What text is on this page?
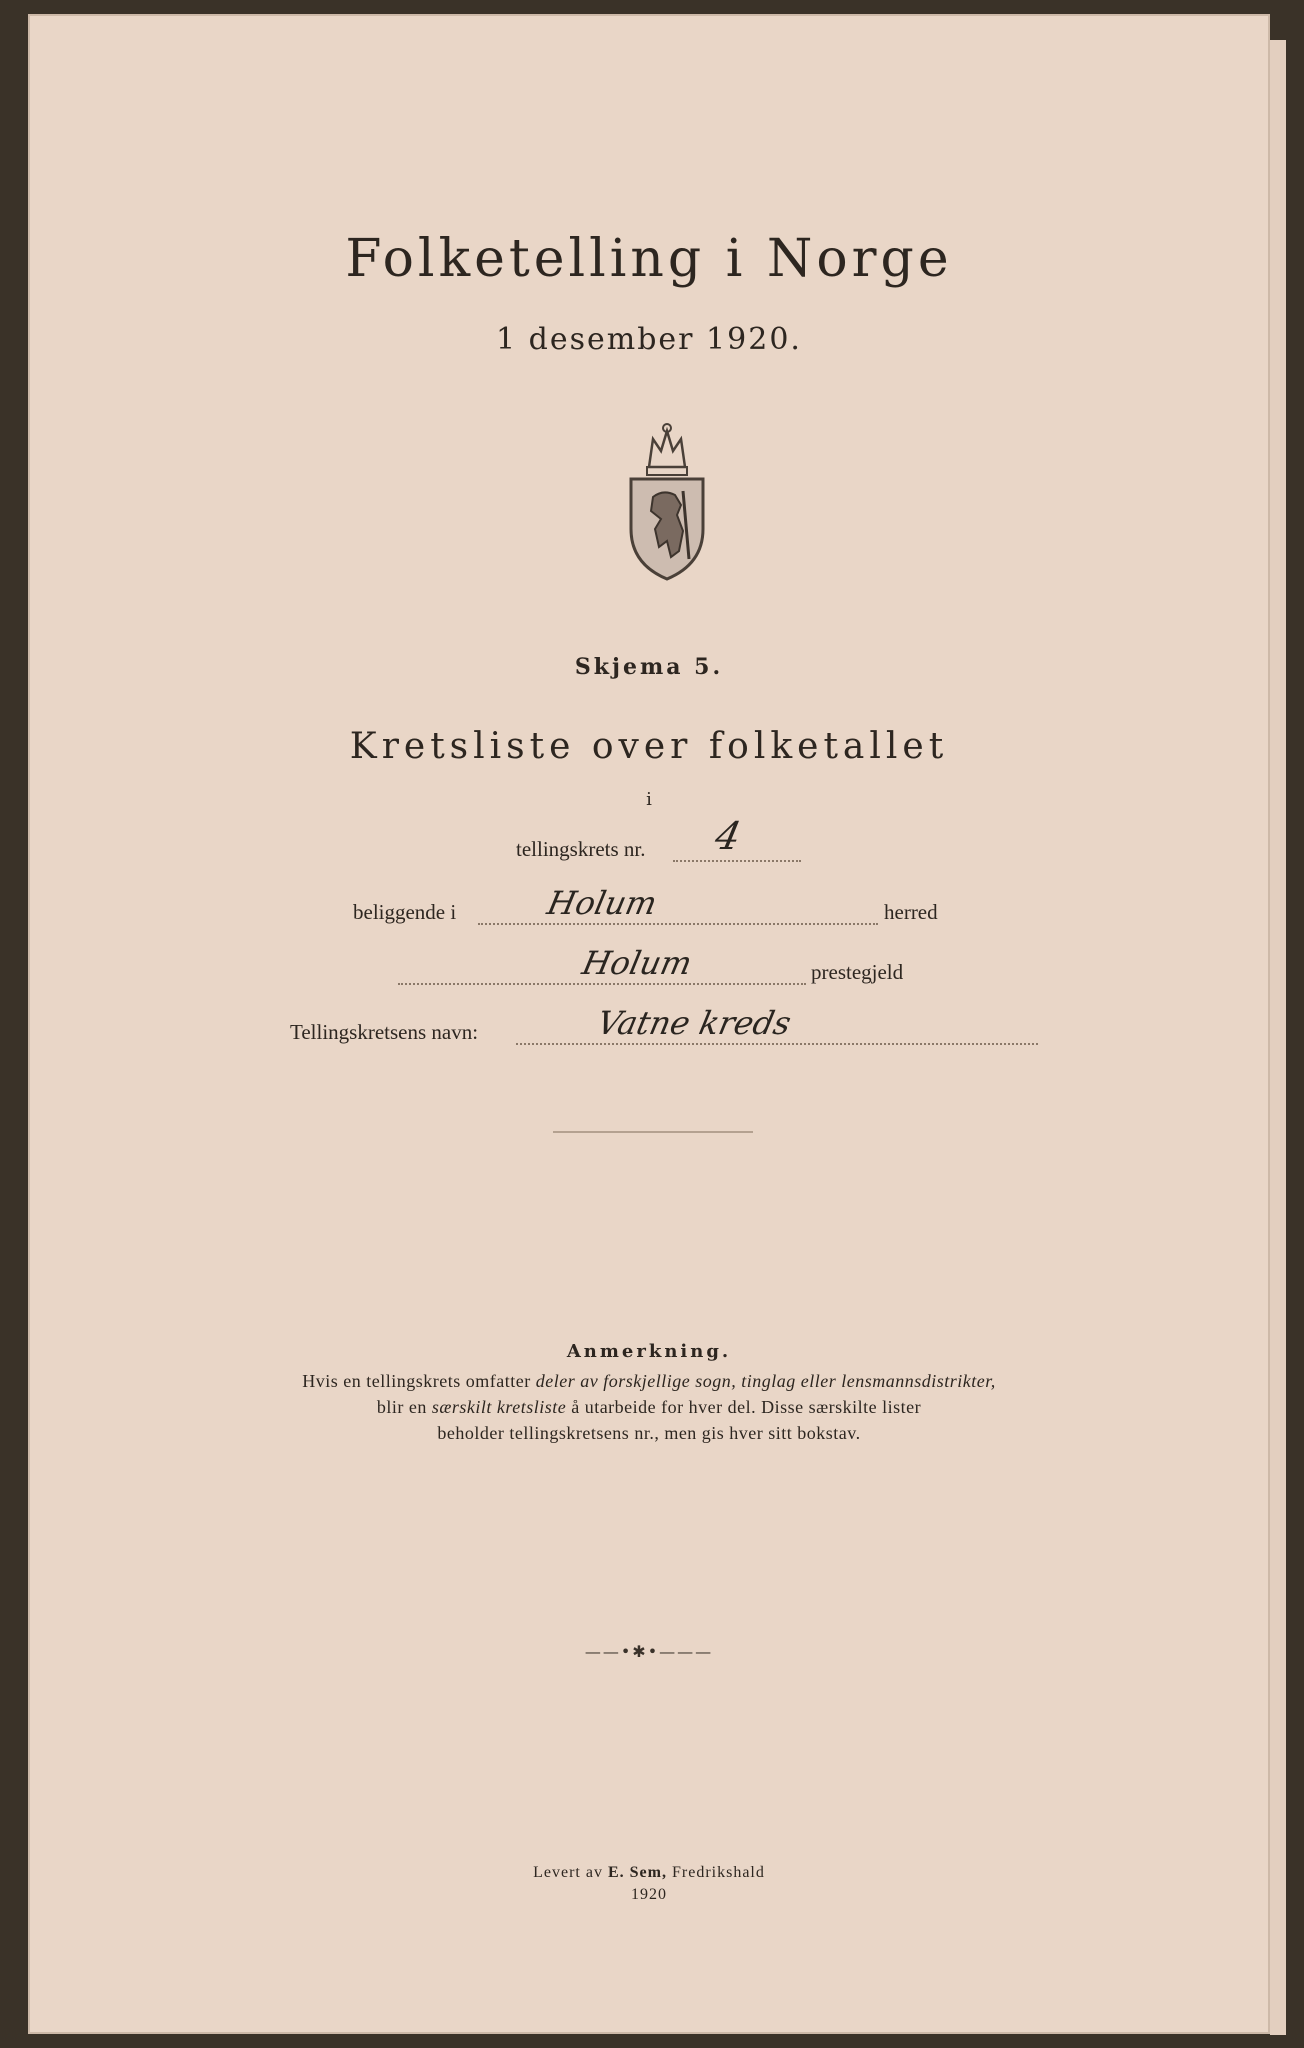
Folketelling i Norge
1 desember 1920.
Skjema 5.
Kretsliste over folketallet
i
tellingskrets nr. 4
beliggende i	Holum	herred
Holum	prestegjeld
Tellingskretsens navn:	Vatne kreds
Anmerkning.
Hvis en tellingskrets omfatter deler av forskjellige sogn, tinglag eller lensmannsdistrikter,
blir en særskilt kretsliste å utarbeide for hver del. Disse særskilte lister
beholder tellingskretsens nr., men gis hver sitt bokstav.
——•✱•———
Levert av E. Sem, Fredrikshald
1920
